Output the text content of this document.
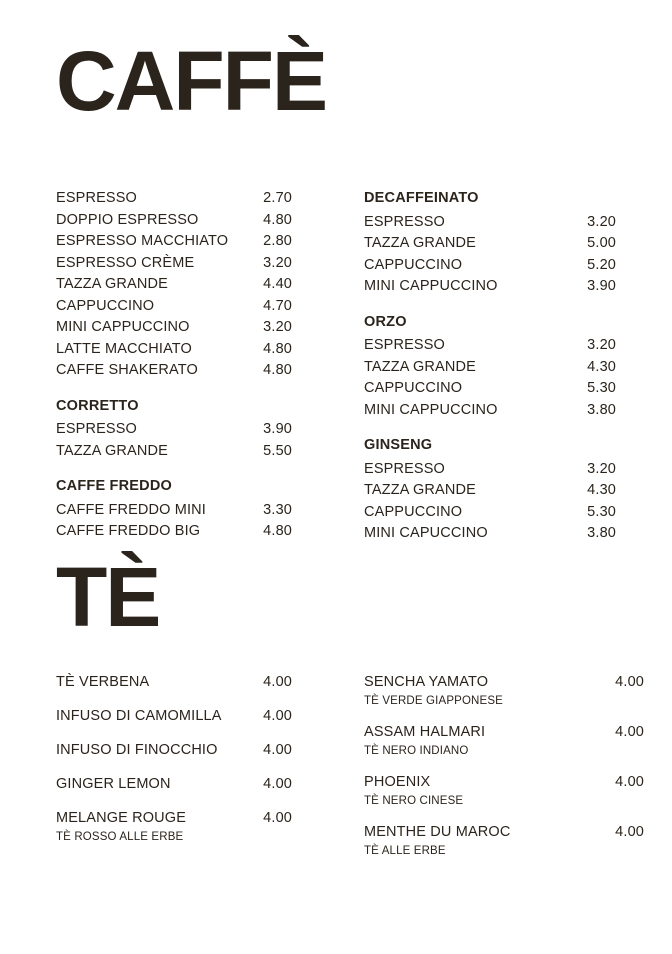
CAFFÈ
ESPRESSO	2.70
DOPPIO ESPRESSO	4.80
ESPRESSO MACCHIATO	2.80
ESPRESSO CRÈME	3.20
TAZZA GRANDE	4.40
CAPPUCCINO	4.70
MINI CAPPUCCINO	3.20
LATTE MACCHIATO	4.80
CAFFE SHAKERATO	4.80
CORRETTO
ESPRESSO	3.90
TAZZA GRANDE	5.50
CAFFE FREDDO
CAFFE FREDDO MINI	3.30
CAFFE FREDDO BIG	4.80
DECAFFEINATO
ESPRESSO	3.20
TAZZA GRANDE	5.00
CAPPUCCINO	5.20
MINI CAPPUCCINO	3.90
ORZO
ESPRESSO	3.20
TAZZA GRANDE	4.30
CAPPUCCINO	5.30
MINI CAPPUCCINO	3.80
GINSENG
ESPRESSO	3.20
TAZZA GRANDE	4.30
CAPPUCCINO	5.30
MINI CAPUCCINO	3.80
TÈ
TÈ VERBENA	4.00
INFUSO DI CAMOMILLA	4.00
INFUSO DI FINOCCHIO	4.00
GINGER LEMON	4.00
MELANGE ROUGE	4.00
TÈ ROSSO ALLE ERBE
SENCHA YAMATO	4.00
TÈ VERDE GIAPPONESE
ASSAM HALMARI	4.00
TÈ NERO INDIANO
PHOENIX	4.00
TÈ NERO CINESE
MENTHE DU MAROC	4.00
TÈ ALLE ERBE
